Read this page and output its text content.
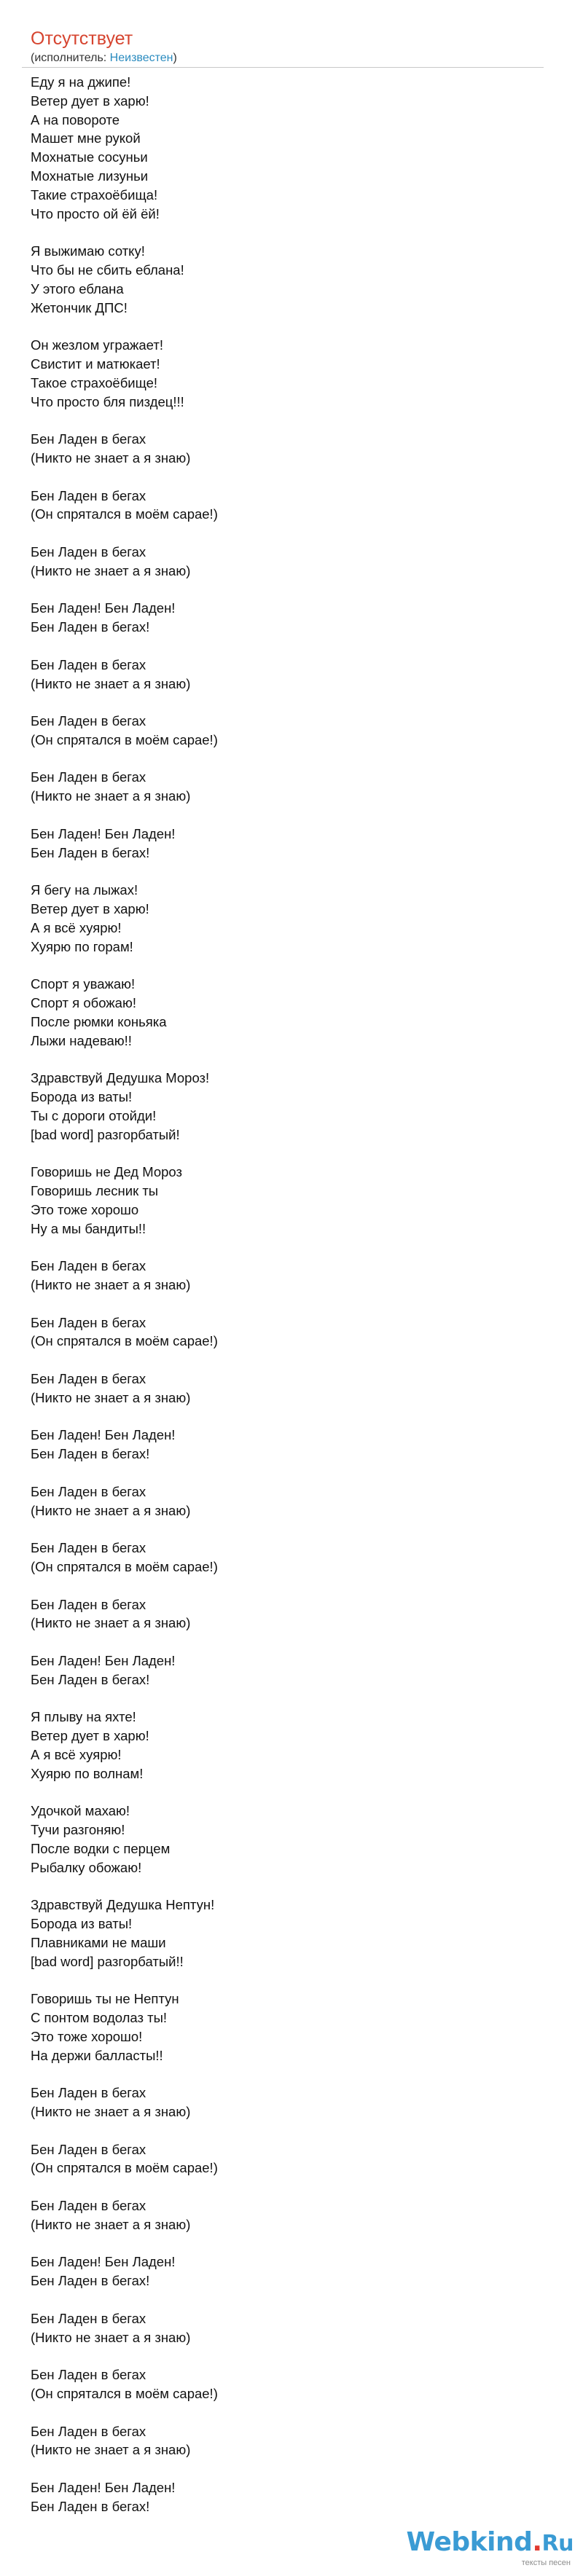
Отсутствует
(исполнитель: Неизвестен)
Еду я на джипе!
Ветер дует в харю!
А на повороте
Машет мне рукой
Мохнатые сосуньи
Мохнатые лизуньи
Такие страхоёбища!
Что просто ой ёй ёй!
Я выжимаю сотку!
Что бы не сбить еблана!
У этого еблана
Жетончик ДПС!
Он жезлом угражает!
Свистит и матюкает!
Такое страхоёбище!
Что просто бля пиздец!!!
Бен Ладен в бегах
(Никто не знает а я знаю)
Бен Ладен в бегах
(Он спрятался в моём сарае!)
Бен Ладен в бегах
(Никто не знает а я знаю)
Бен Ладен! Бен Ладен!
Бен Ладен в бегах!
Бен Ладен в бегах
(Никто не знает а я знаю)
Бен Ладен в бегах
(Он спрятался в моём сарае!)
Бен Ладен в бегах
(Никто не знает а я знаю)
Бен Ладен! Бен Ладен!
Бен Ладен в бегах!
Я бегу на лыжах!
Ветер дует в харю!
А я всё хуярю!
Хуярю по горам!
Спорт я уважаю!
Спорт я обожаю!
После рюмки коньяка
Лыжи надеваю!!
Здравствуй Дедушка Мороз!
Борода из ваты!
Ты с дороги отойди!
[bad word] разгорбатый!
Говоришь не Дед Мороз
Говоришь лесник ты
Это тоже хорошо
Ну а мы бандиты!!
Бен Ладен в бегах
(Никто не знает а я знаю)
Бен Ладен в бегах
(Он спрятался в моём сарае!)
Бен Ладен в бегах
(Никто не знает а я знаю)
Бен Ладен! Бен Ладен!
Бен Ладен в бегах!
Бен Ладен в бегах
(Никто не знает а я знаю)
Бен Ладен в бегах
(Он спрятался в моём сарае!)
Бен Ладен в бегах
(Никто не знает а я знаю)
Бен Ладен! Бен Ладен!
Бен Ладен в бегах!
Я плыву на яхте!
Ветер дует в харю!
А я всё хуярю!
Хуярю по волнам!
Удочкой махаю!
Тучи разгоняю!
После водки с перцем
Рыбалку обожаю!
Здравствуй Дедушка Нептун!
Борода из ваты!
Плавниками не маши
[bad word] разгорбатый!!
Говоришь ты не Нептун
С понтом водолаз ты!
Это тоже хорошо!
На держи балласты!!
Бен Ладен в бегах
(Никто не знает а я знаю)
Бен Ладен в бегах
(Он спрятался в моём сарае!)
Бен Ладен в бегах
(Никто не знает а я знаю)
Бен Ладен! Бен Ладен!
Бен Ладен в бегах!
Бен Ладен в бегах
(Никто не знает а я знаю)
Бен Ладен в бегах
(Он спрятался в моём сарае!)
Бен Ладен в бегах
(Никто не знает а я знаю)
Бен Ладен! Бен Ладен!
Бен Ладен в бегах!
Webkind.Ru
тексты песен
